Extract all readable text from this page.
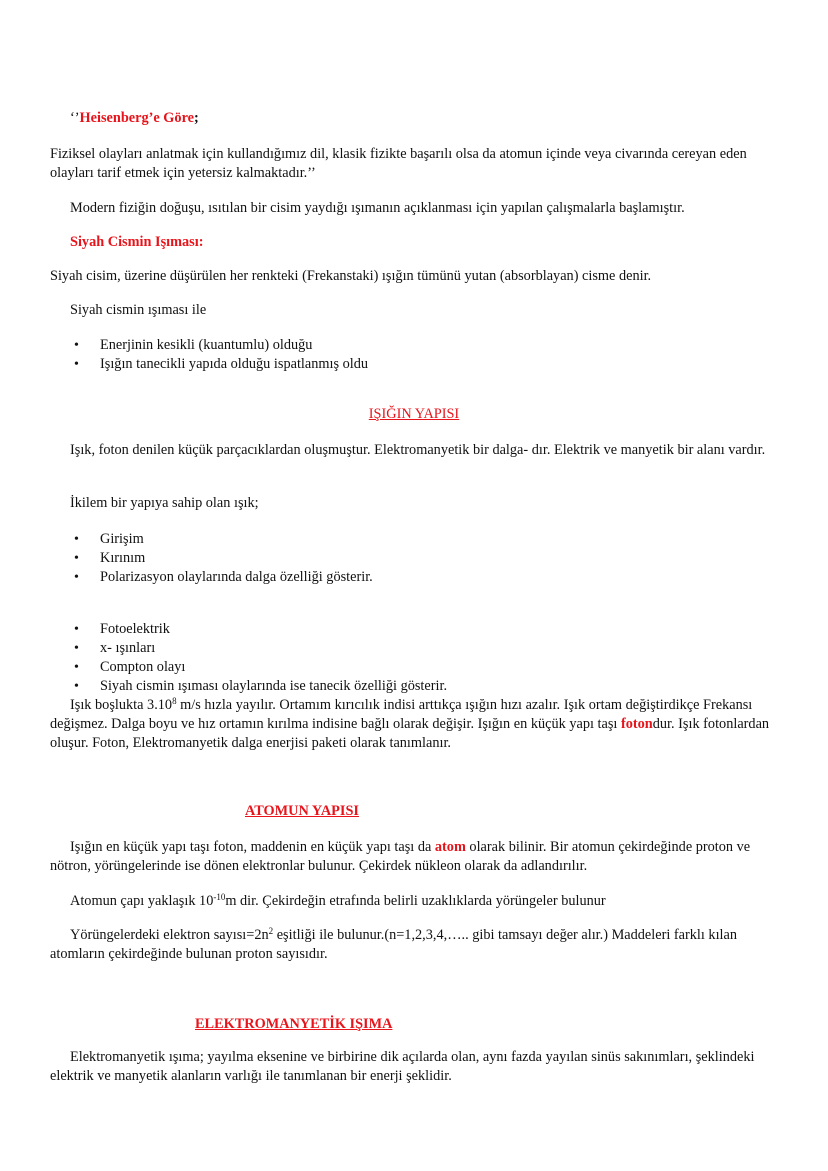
‘’Heisenberg’e Göre;

Fiziksel olayları anlatmak için kullandığımız dil, klasik fizikte başarılı olsa da atomun içinde veya civarında cereyan eden olayları tarif etmek için yetersiz kalmaktadır.’’

Modern fiziğin doğuşu, ısıtılan bir cisim yaydığı ışımanın açıklanması için yapılan çalışmalarla başlamıştır.

Siyah Cismin Işıması:

Siyah cisim, üzerine düşürülen her renkteki (Frekanstaki) ışığın tümünü yutan (absorblayan) cisme denir.

Siyah cismin ışıması ile

• Enerjinin kesikli (kuantumlu) olduğu
• Işığın tanecikli yapıda olduğu ispatlanmış oldu

IŞIĞIN YAPISI

Işık, foton denilen küçük parçacıklardan oluşmuştur. Elektromanyetik bir dalga- dır. Elektrik ve manyetik bir alanı vardır.

İkilem bir yapıya sahip olan ışık;

• Girişim
• Kırınım
• Polarizasyon olaylarında dalga özelliği gösterir.
• Fotoelektrik
• x- ışınları
• Compton olayı
• Siyah cismin ışıması olaylarında ise tanecik özelliği gösterir.

Işık boşlukta 3.10$^8$ m/s hızla yayılır. Ortamım kırıcılık indisi arttıkça ışığın hızı azalır. Işık ortam değiştirdikçe Frekansı değişmez. Dalga boyu ve hız ortamın kırılma indisine bağlı olarak değişir. Işığın en küçük yapı taşı fotondur. Işık fotonlardan oluşur. Foton, Elektromanyetik dalga enerjisi paketi olarak tanımlanır.

ATOMUN YAPISI

Işığın en küçük yapı taşı foton, maddenin en küçük yapı taşı da atom olarak bilinir. Bir atomun çekirdeğinde proton ve nötron, yörüngelerinde ise dönen elektronlar bulunur. Çekirdek nükleon olarak da adlandırılır.

Atomun çapı yaklaşık $10^{-10}m$ dir. Çekirdeğin etrafında belirli uzaklıklarda yörüngeler bulunur

Yörüngelerdeki elektron $sayısı=2n^2$ eşitliği ile bulunur.(n=1,2,3,4,….. gibi tamsayı değer alır.) Maddeleri farklı kılan atomların çekirdeğinde bulunan proton sayısıdır.

ELEKTROMANYETİK IŞIMA

Elektromanyetik ışıma; yayılma eksenine ve birbirine dik açılarda olan, aynı fazda yayılan sinüs sakınımları, şeklindeki elektrik ve manyetik alanların varlığı ile tanımlanan bir enerji şeklidir.
